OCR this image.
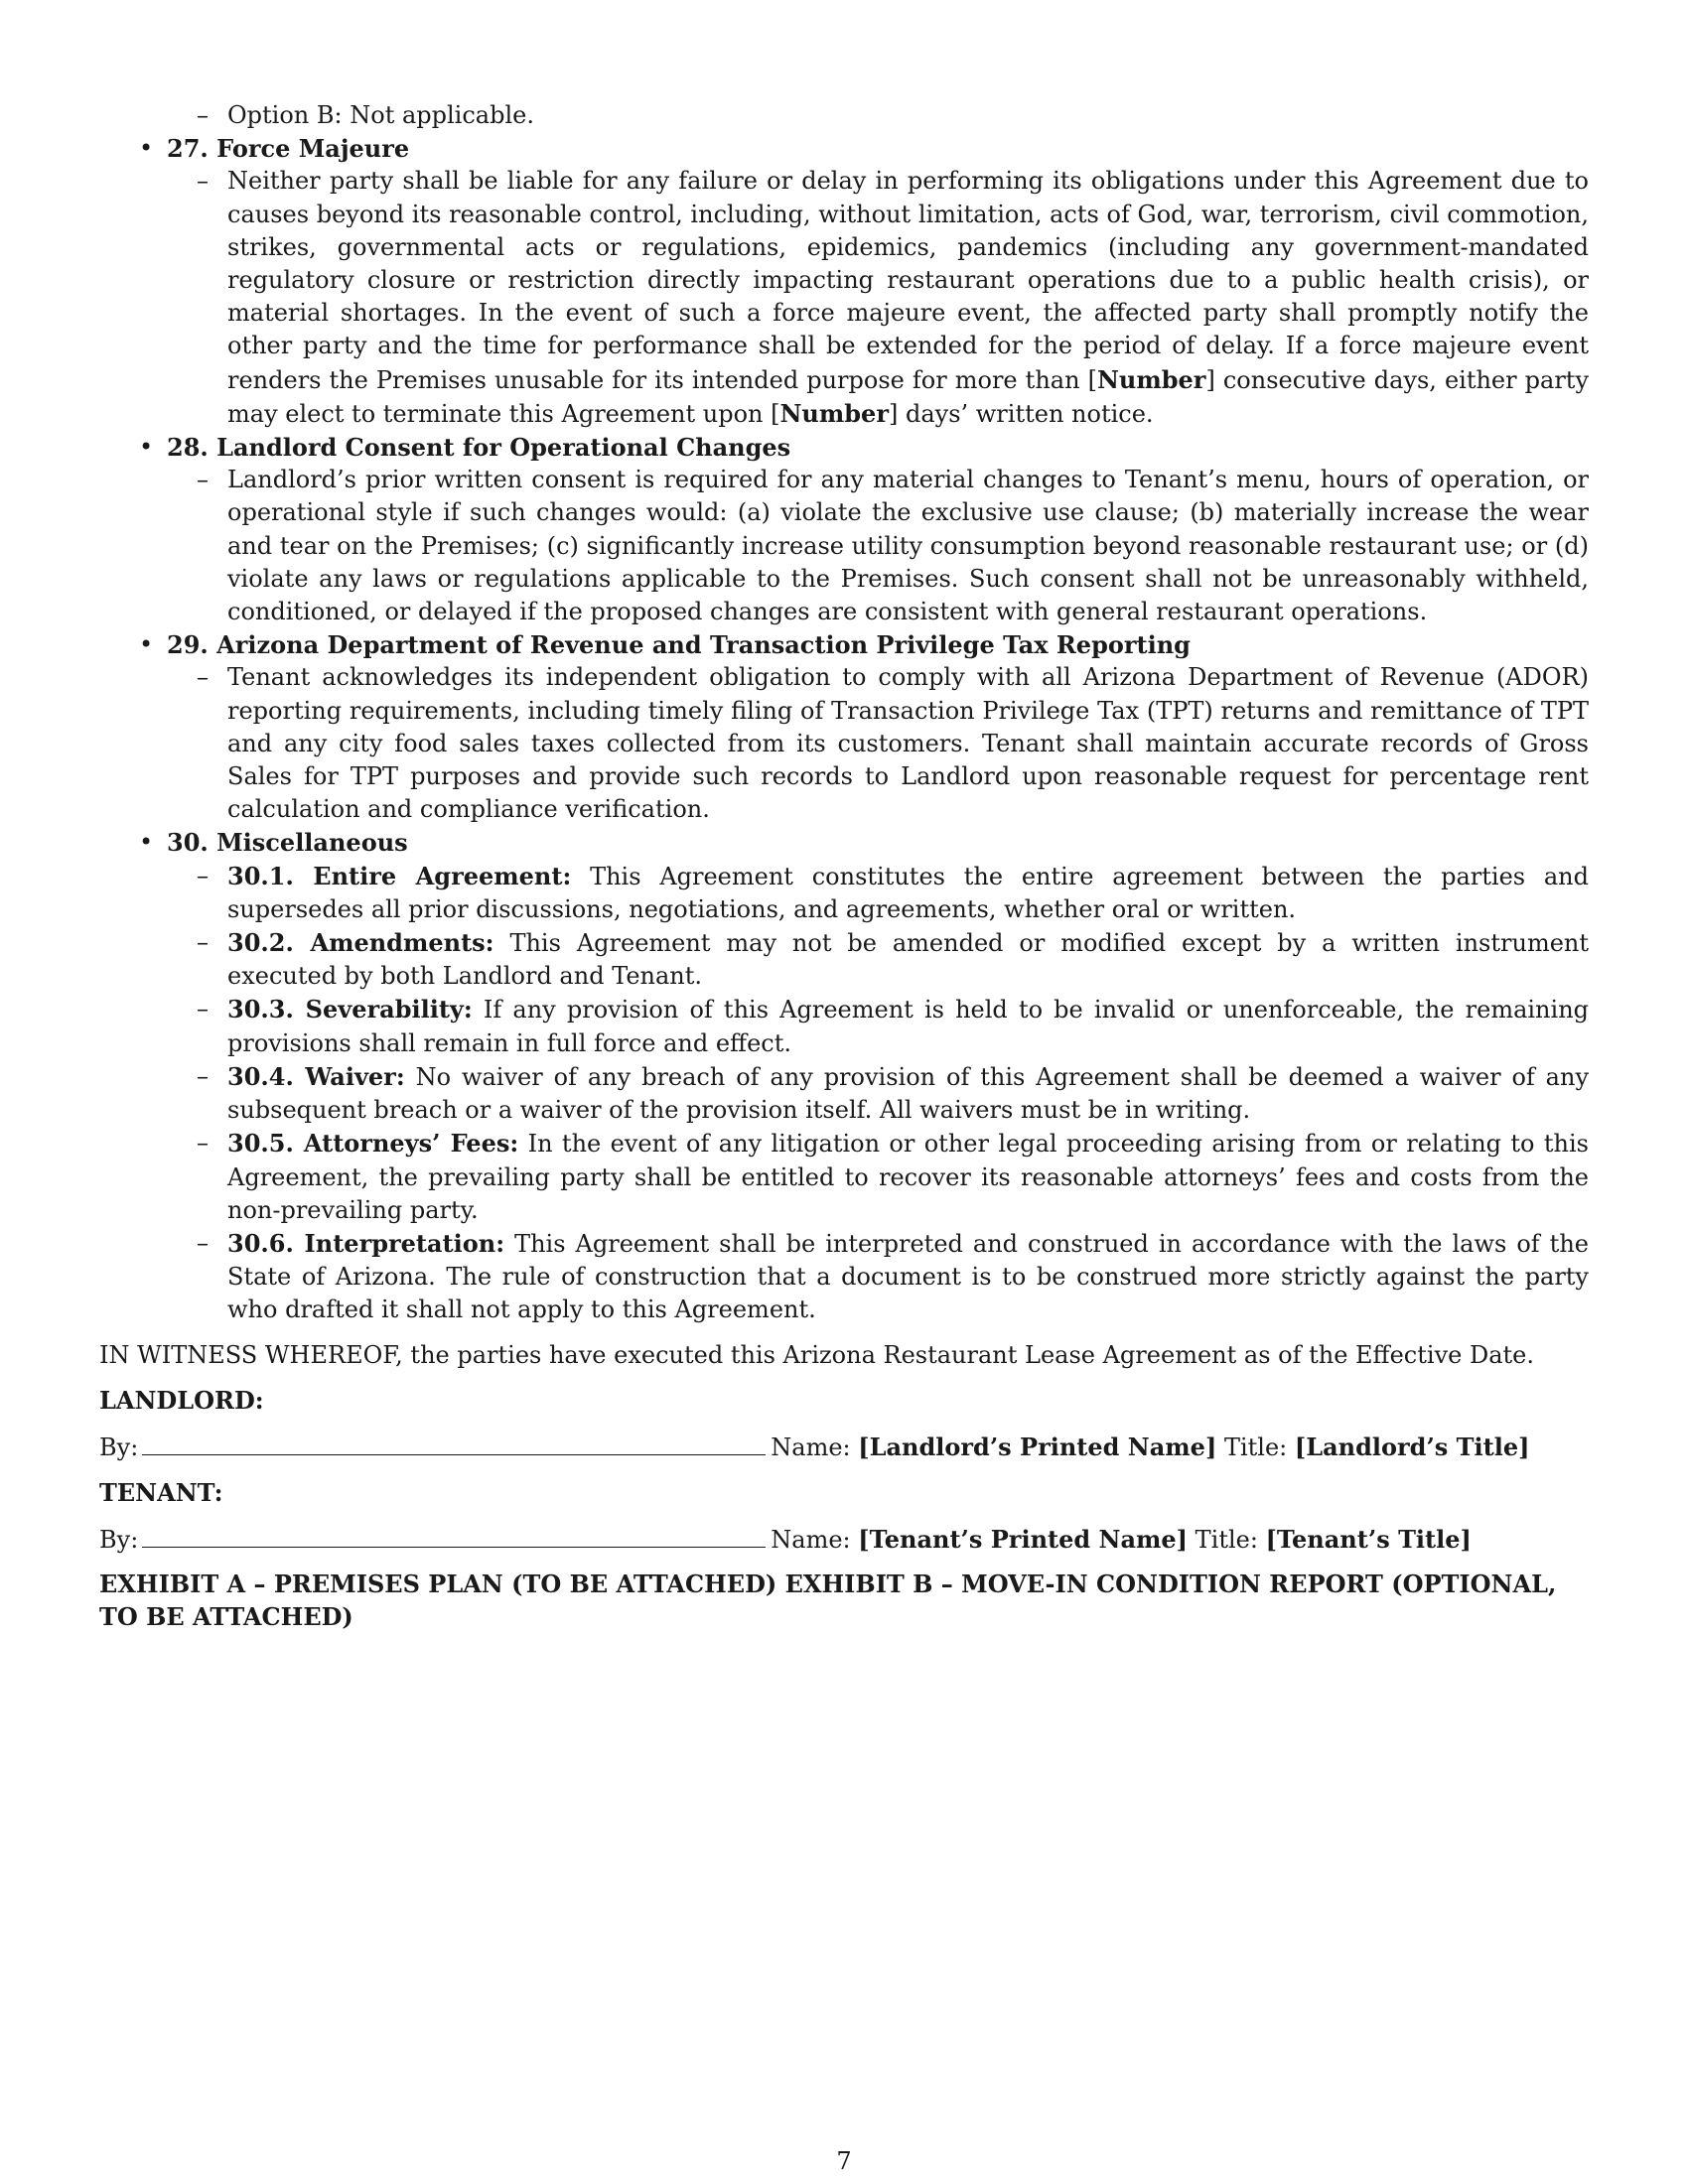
– Option B: Not applicable.
• 27. Force Majeure
– Neither party shall be liable for any failure or delay in performing its obligations under this Agreement due to causes beyond its reasonable control, including, without limitation, acts of God, war, terrorism, civil commotion, strikes, governmental acts or regulations, epidemics, pandemics (including any government-mandated regulatory closure or restriction directly impacting restaurant operations due to a public health crisis), or material shortages. In the event of such a force majeure event, the affected party shall promptly notify the other party and the time for performance shall be extended for the period of delay. If a force majeure event renders the Premises unusable for its intended purpose for more than [Number] consecutive days, either party may elect to terminate this Agreement upon [Number] days’ written notice.
• 28. Landlord Consent for Operational Changes
– Landlord’s prior written consent is required for any material changes to Tenant’s menu, hours of operation, or operational style if such changes would: (a) violate the exclusive use clause; (b) materially increase the wear and tear on the Premises; (c) significantly increase utility consumption beyond reasonable restaurant use; or (d) violate any laws or regulations applicable to the Premises. Such consent shall not be unreasonably withheld, conditioned, or delayed if the proposed changes are consistent with general restaurant operations.
• 29. Arizona Department of Revenue and Transaction Privilege Tax Reporting
– Tenant acknowledges its independent obligation to comply with all Arizona Department of Revenue (ADOR) reporting requirements, including timely filing of Transaction Privilege Tax (TPT) returns and remittance of TPT and any city food sales taxes collected from its customers. Tenant shall maintain accurate records of Gross Sales for TPT purposes and provide such records to Landlord upon reasonable request for percentage rent calculation and compliance verification.
• 30. Miscellaneous
– 30.1. Entire Agreement: This Agreement constitutes the entire agreement between the parties and supersedes all prior discussions, negotiations, and agreements, whether oral or written.
– 30.2. Amendments: This Agreement may not be amended or modified except by a written instrument executed by both Landlord and Tenant.
– 30.3. Severability: If any provision of this Agreement is held to be invalid or unenforceable, the remaining provisions shall remain in full force and effect.
– 30.4. Waiver: No waiver of any breach of any provision of this Agreement shall be deemed a waiver of any subsequent breach or a waiver of the provision itself. All waivers must be in writing.
– 30.5. Attorneys’ Fees: In the event of any litigation or other legal proceeding arising from or relating to this Agreement, the prevailing party shall be entitled to recover its reasonable attorneys’ fees and costs from the non-prevailing party.
– 30.6. Interpretation: This Agreement shall be interpreted and construed in accordance with the laws of the State of Arizona. The rule of construction that a document is to be construed more strictly against the party who drafted it shall not apply to this Agreement.

IN WITNESS WHEREOF, the parties have executed this Arizona Restaurant Lease Agreement as of the Effective Date.

LANDLORD:
By:	Name: [Landlord’s Printed Name] Title: [Landlord’s Title]
TENANT:
By:	Name: [Tenant’s Printed Name] Title: [Tenant’s Title]
EXHIBIT A – PREMISES PLAN (TO BE ATTACHED) EXHIBIT B – MOVE-IN CONDITION REPORT (OPTIONAL, TO BE ATTACHED)
7
